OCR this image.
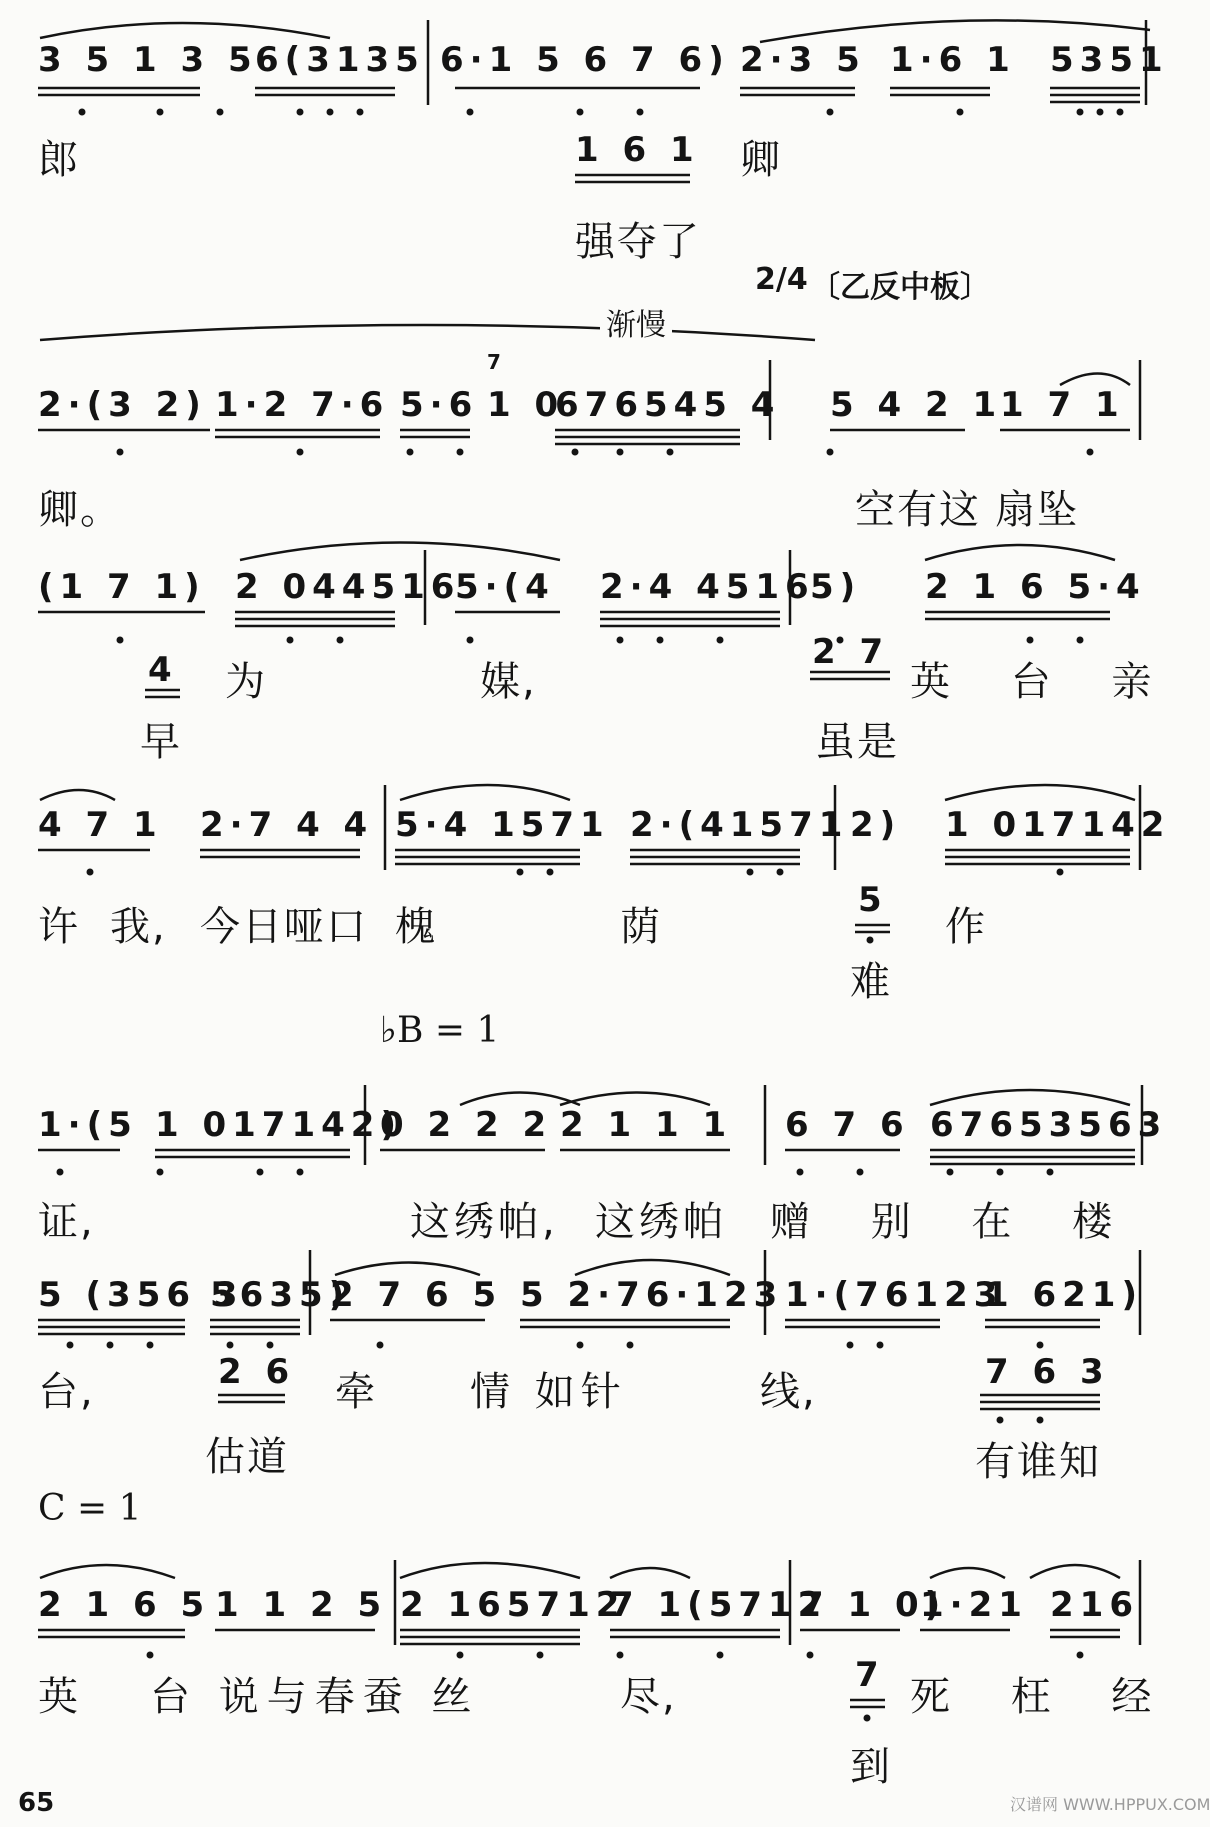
3 5 1 3 5
6(3135 6·1 5 6 7 6) 2·3 5 1·6 1 5351
郎	1 6 1 卿
强夺了
渐慢
2/4 〔乙反中板〕
7
2·(3 2) 1·2 7·6 5·6 1 0
676545 4 5 4 2 1
1 7 1
卿。	空有这 扇坠
(1 7 1) 2 044516
5·(4 2·4 4516
5) 2 1 6 5·4
4 为	媒,
2 7
英 台 亲
早	虽是
4 7 1 2·7 4 4 5·4 1571 2·(41571 2) 1 017142
许 我, 今日哑口 槐	荫
5
作
难
♭B = 1
1·(5 1 017142)
0 2 2 2 2 1 1 1 6 7 6 67653563
证,	这绣帕, 这绣帕 赠 别 在 楼
5 (356 3
5635)
2 7 6 5 5 2·76·123 1·(76123
1 621)
台,	2 6 牵 情 如针	线,	7 6 3
估道	有谁知
C = 1
2 1 6 5 1 1 2 5 2 165712
7 1(5712
7 1 0)
1·21 216
英 台 说与春蚕 丝	尽,	7 死 枉 经
到
65	汉谱网 WWW.HPPUX.COM
